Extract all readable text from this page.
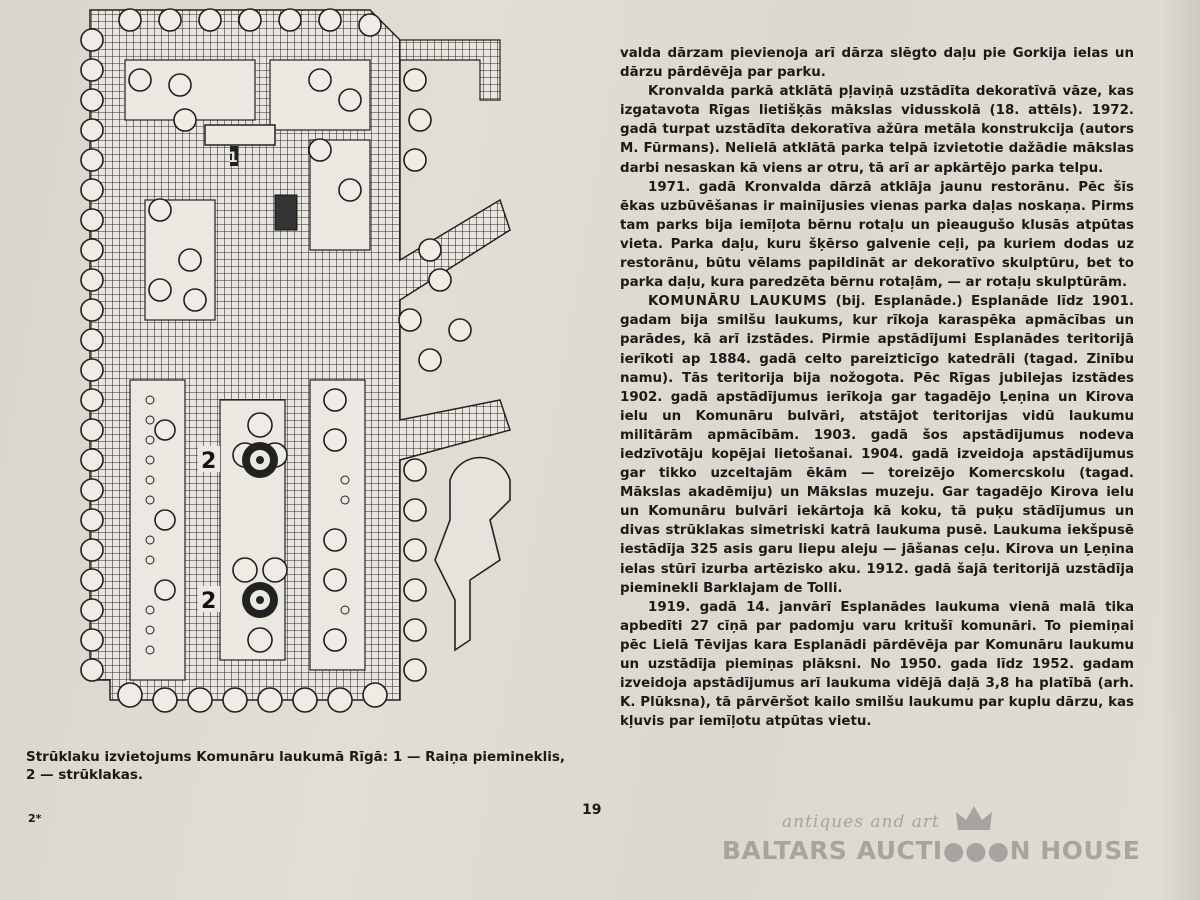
2
2
1
Strūklaku izvietojums Komunāru laukumā Rīgā: 1 — Raiņa piemineklis,
2 — strūklakas.
2*
19

valda dārzam pievienoja arī dārza slēgto daļu pie Gorkija ielas un dārzu pārdēvēja par parku.

Kronvalda parkā atklātā pļaviņā uzstādīta dekoratīvā vāze, kas izgatavota Rīgas lietišķās mākslas vidusskolā (18. attēls). 1972. gadā turpat uzstādīta dekoratīva ažūra metāla konstrukcija (autors M. Fūrmans). Nelielā atklātā parka telpā izvietotie dažādie mākslas darbi nesaskan kā viens ar otru, tā arī ar apkārtējo parka telpu.

1971. gadā Kronvalda dārzā atklāja jaunu restorānu. Pēc šīs ēkas uzbūvēšanas ir mainījusies vienas parka daļas noskaņa. Pirms tam parks bija iemīļota bērnu rotaļu un pieaugušo klusās atpūtas vieta. Parka daļu, kuru šķērso galvenie ceļi, pa kuriem dodas uz restorānu, būtu vēlams papildināt ar dekoratīvo skulptūru, bet to parka daļu, kura paredzēta bērnu rotaļām, — ar rotaļu skulptūrām.

KOMUNĀRU LAUKUMS (bij. Esplanāde.) Esplanāde līdz 1901. gadam bija smilšu laukums, kur rīkoja karaspēka apmācības un parādes, kā arī izstādes. Pirmie apstādījumi Esplanādes teritorijā ierīkoti ap 1884. gadā celto pareizticīgo katedrāli (tagad. Zinību namu). Tās teritorija bija nožogota. Pēc Rīgas jubilejas izstādes 1902. gadā apstādījumus ierīkoja gar tagadējo Ļeņina un Kirova ielu un Komunāru bulvāri, atstājot teritorijas vidū laukumu militārām apmācībām. 1903. gadā šos apstādījumus nodeva iedzīvotāju kopējai lietošanai. 1904. gadā izveidoja apstādījumus gar tikko uzceltajām ēkām — toreizējo Komercskolu (tagad. Mākslas akadēmiju) un Mākslas muzeju. Gar tagadējo Kirova ielu un Komunāru bulvāri iekārtoja kā koku, tā puķu stādījumus un divas strūklakas simetriski katrā laukuma pusē. Laukuma iekšpusē iestādīja 325 asis garu liepu aleju — jāšanas ceļu. Kirova un Ļeņina ielas stūrī izurba artēzisko aku. 1912. gadā šajā teritorijā uzstādīja pieminekli Barklajam de Tolli.

1919. gadā 14. janvārī Esplanādes laukuma vienā malā tika apbedīti 27 cīņā par padomju varu kritušī komunāri. To piemiņai pēc Lielā Tēvijas kara Esplanādi pārdēvēja par Komunāru laukumu un uzstādīja piemiņas plāksni. No 1950. gada līdz 1952. gadam izveidoja apstādījumus arī laukuma vidējā daļā 3,8 ha platībā (arh. K. Plūksna), tā pārvēršot kailo smilšu laukumu par kuplu dārzu, kas kļuvis par iemīļotu atpūtas vietu.

antiques and art
BALTARS AUCTI●●●N HOUSE
